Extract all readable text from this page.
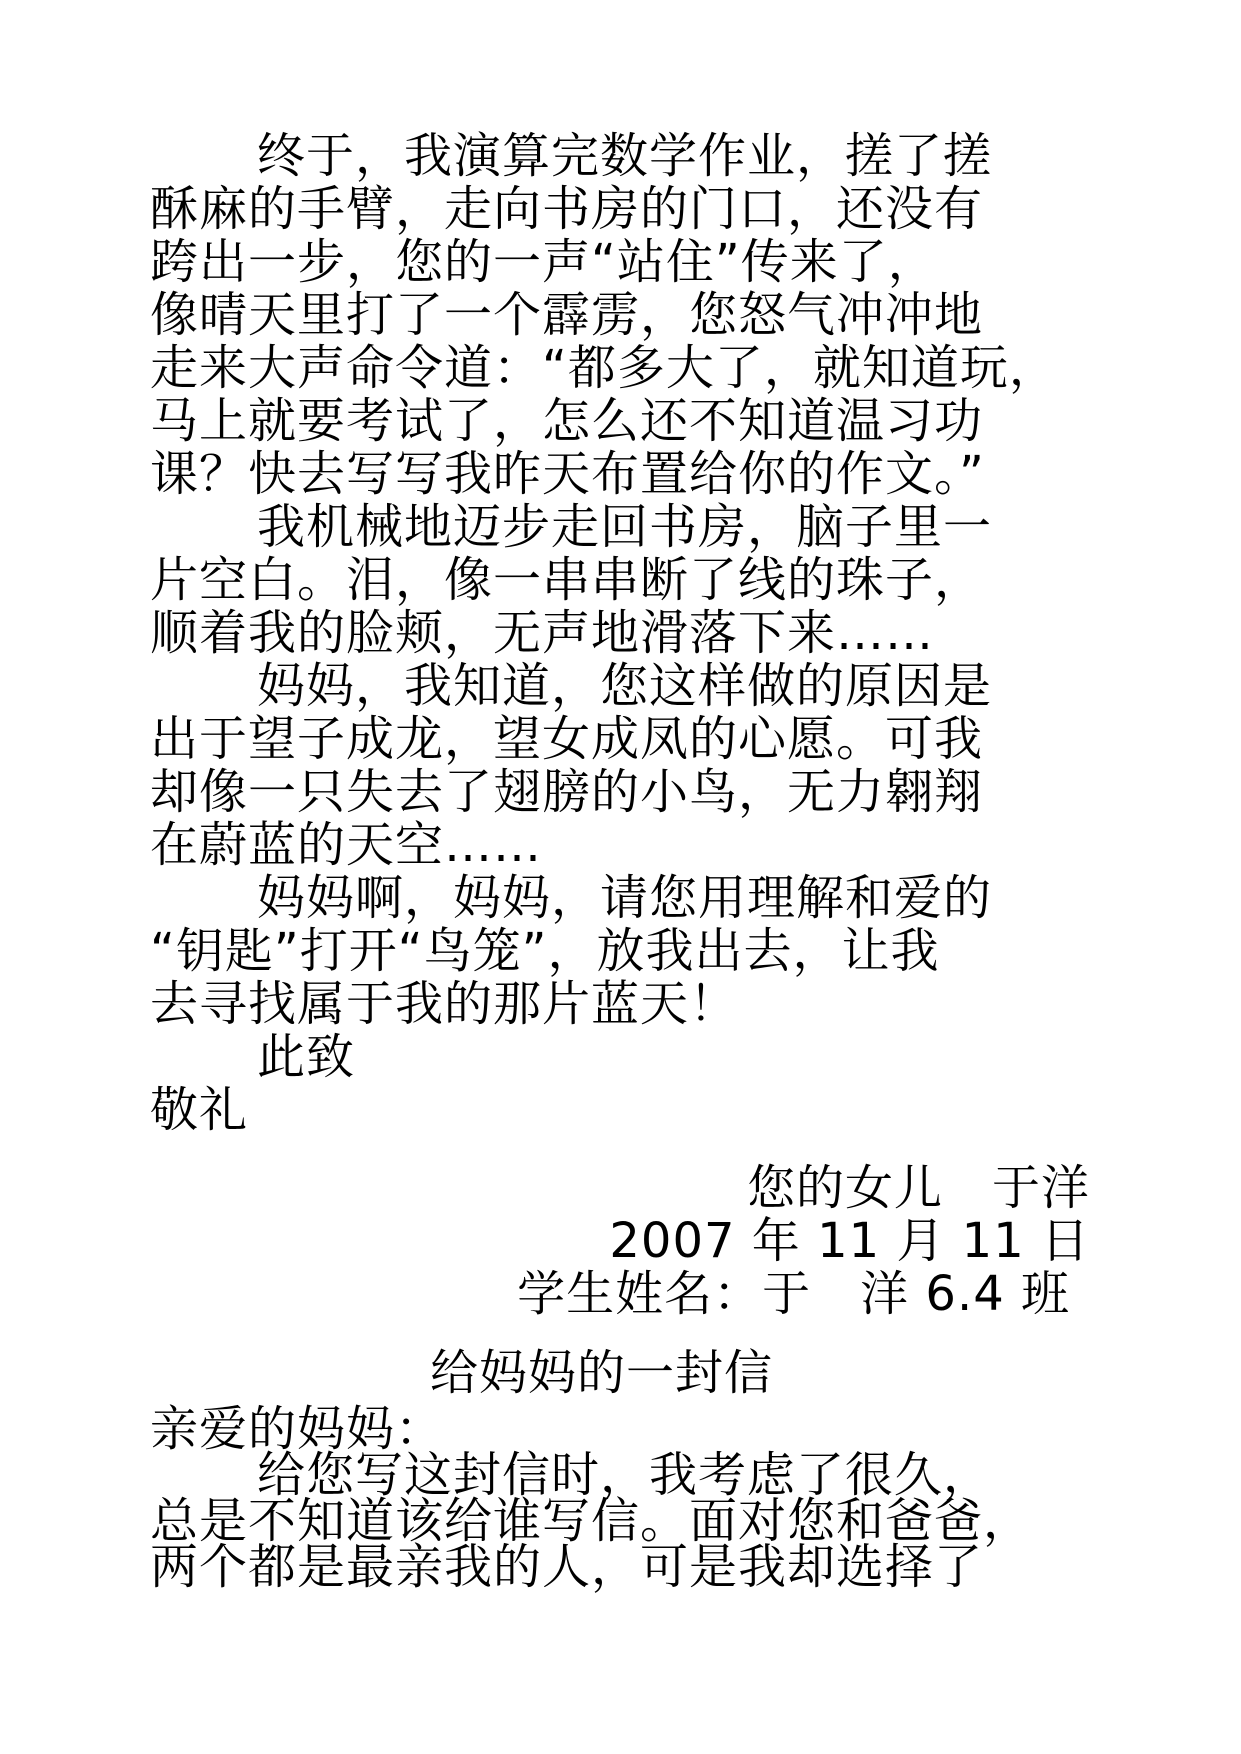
终于，我演算完数学作业，搓了搓
酥麻的手臂，走向书房的门口，还没有
跨出一步，您的一声“站住”传来了，
像晴天里打了一个霹雳，您怒气冲冲地
走来大声命令道：“都多大了，就知道玩，
马上就要考试了，怎么还不知道温习功
课？快去写写我昨天布置给你的作文。”
我机械地迈步走回书房，脑子里一
片空白。泪，像一串串断了线的珠子，
顺着我的脸颊，无声地滑落下来……
妈妈，我知道，您这样做的原因是
出于望子成龙，望女成凤的心愿。可我
却像一只失去了翅膀的小鸟，无力翱翔
在蔚蓝的天空……
妈妈啊，妈妈，请您用理解和爱的
“钥匙”打开“鸟笼”，放我出去，让我
去寻找属于我的那片蓝天！
此致
敬礼
您的女儿　于洋
2007 年 11 月 11 日
学生姓名：于　洋 6.4 班
给妈妈的一封信
亲爱的妈妈：
给您写这封信时，我考虑了很久，
总是不知道该给谁写信。面对您和爸爸，
两个都是最亲我的人，可是我却选择了
